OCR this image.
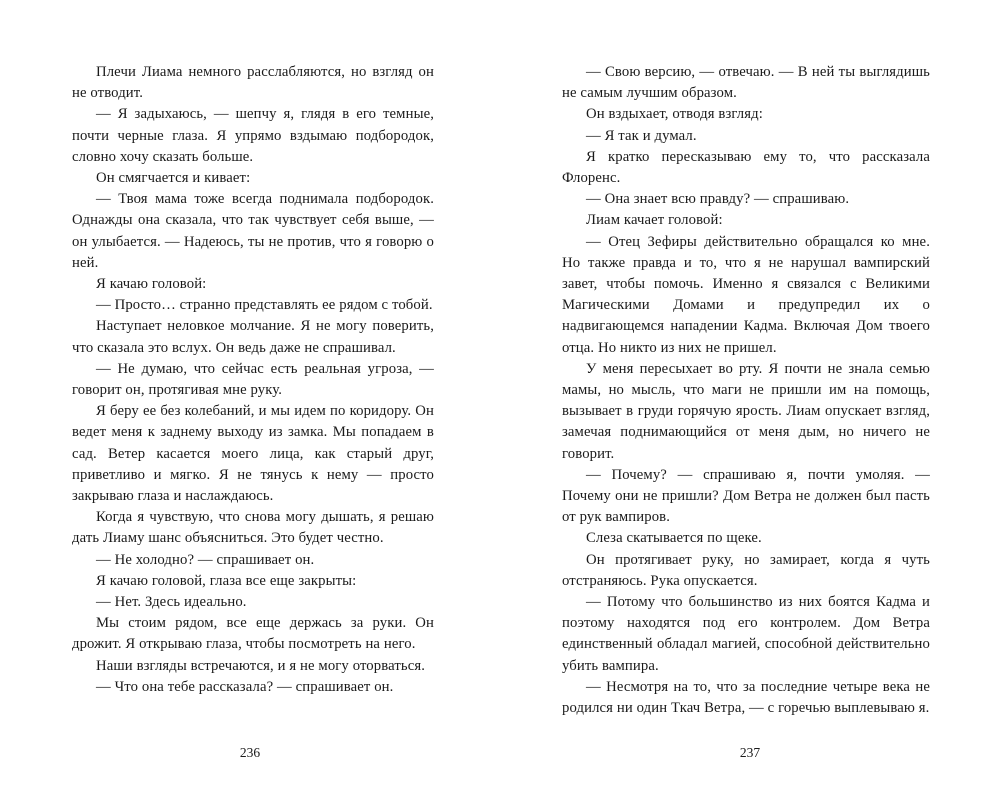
Плечи Лиама немного расслабляются, но взгляд он не отводит.

— Я задыхаюсь, — шепчу я, глядя в его темные, почти черные глаза. Я упрямо вздымаю подбородок, словно хочу сказать больше.

Он смягчается и кивает:

— Твоя мама тоже всегда поднимала подбородок. Однажды она сказала, что так чувствует себя выше, — он улыбается. — Надеюсь, ты не против, что я говорю о ней.

Я качаю головой:

— Просто… странно представлять ее рядом с тобой.

Наступает неловкое молчание. Я не могу поверить, что сказала это вслух. Он ведь даже не спрашивал.

— Не думаю, что сейчас есть реальная угроза, — говорит он, протягивая мне руку.

Я беру ее без колебаний, и мы идем по коридору. Он ведет меня к заднему выходу из замка. Мы попадаем в сад. Ветер касается моего лица, как старый друг, приветливо и мягко. Я не тянусь к нему — просто закрываю глаза и наслаждаюсь.

Когда я чувствую, что снова могу дышать, я решаю дать Лиаму шанс объясниться. Это будет честно.

— Не холодно? — спрашивает он.

Я качаю головой, глаза все еще закрыты:

— Нет. Здесь идеально.

Мы стоим рядом, все еще держась за руки. Он дрожит. Я открываю глаза, чтобы посмотреть на него.

Наши взгляды встречаются, и я не могу оторваться.

— Что она тебе рассказала? — спрашивает он.

236

— Свою версию, — отвечаю. — В ней ты выглядишь не самым лучшим образом.

Он вздыхает, отводя взгляд:

— Я так и думал.

Я кратко пересказываю ему то, что рассказала Флоренс.

— Она знает всю правду? — спрашиваю.

Лиам качает головой:

— Отец Зефиры действительно обращался ко мне. Но также правда и то, что я не нарушал вампирский завет, чтобы помочь. Именно я связался с Великими Магическими Домами и предупредил их о надвигающемся нападении Кадма. Включая Дом твоего отца. Но никто из них не пришел.

У меня пересыхает во рту. Я почти не знала семью мамы, но мысль, что маги не пришли им на помощь, вызывает в груди горячую ярость. Лиам опускает взгляд, замечая поднимающийся от меня дым, но ничего не говорит.

— Почему? — спрашиваю я, почти умоляя. — Почему они не пришли? Дом Ветра не должен был пасть от рук вампиров.

Слеза скатывается по щеке.

Он протягивает руку, но замирает, когда я чуть отстраняюсь. Рука опускается.

— Потому что большинство из них боятся Кадма и поэтому находятся под его контролем. Дом Ветра единственный обладал магией, способной действительно убить вампира.

— Несмотря на то, что за последние четыре века не родился ни один Ткач Ветра, — с горечью выплевываю я.

237
